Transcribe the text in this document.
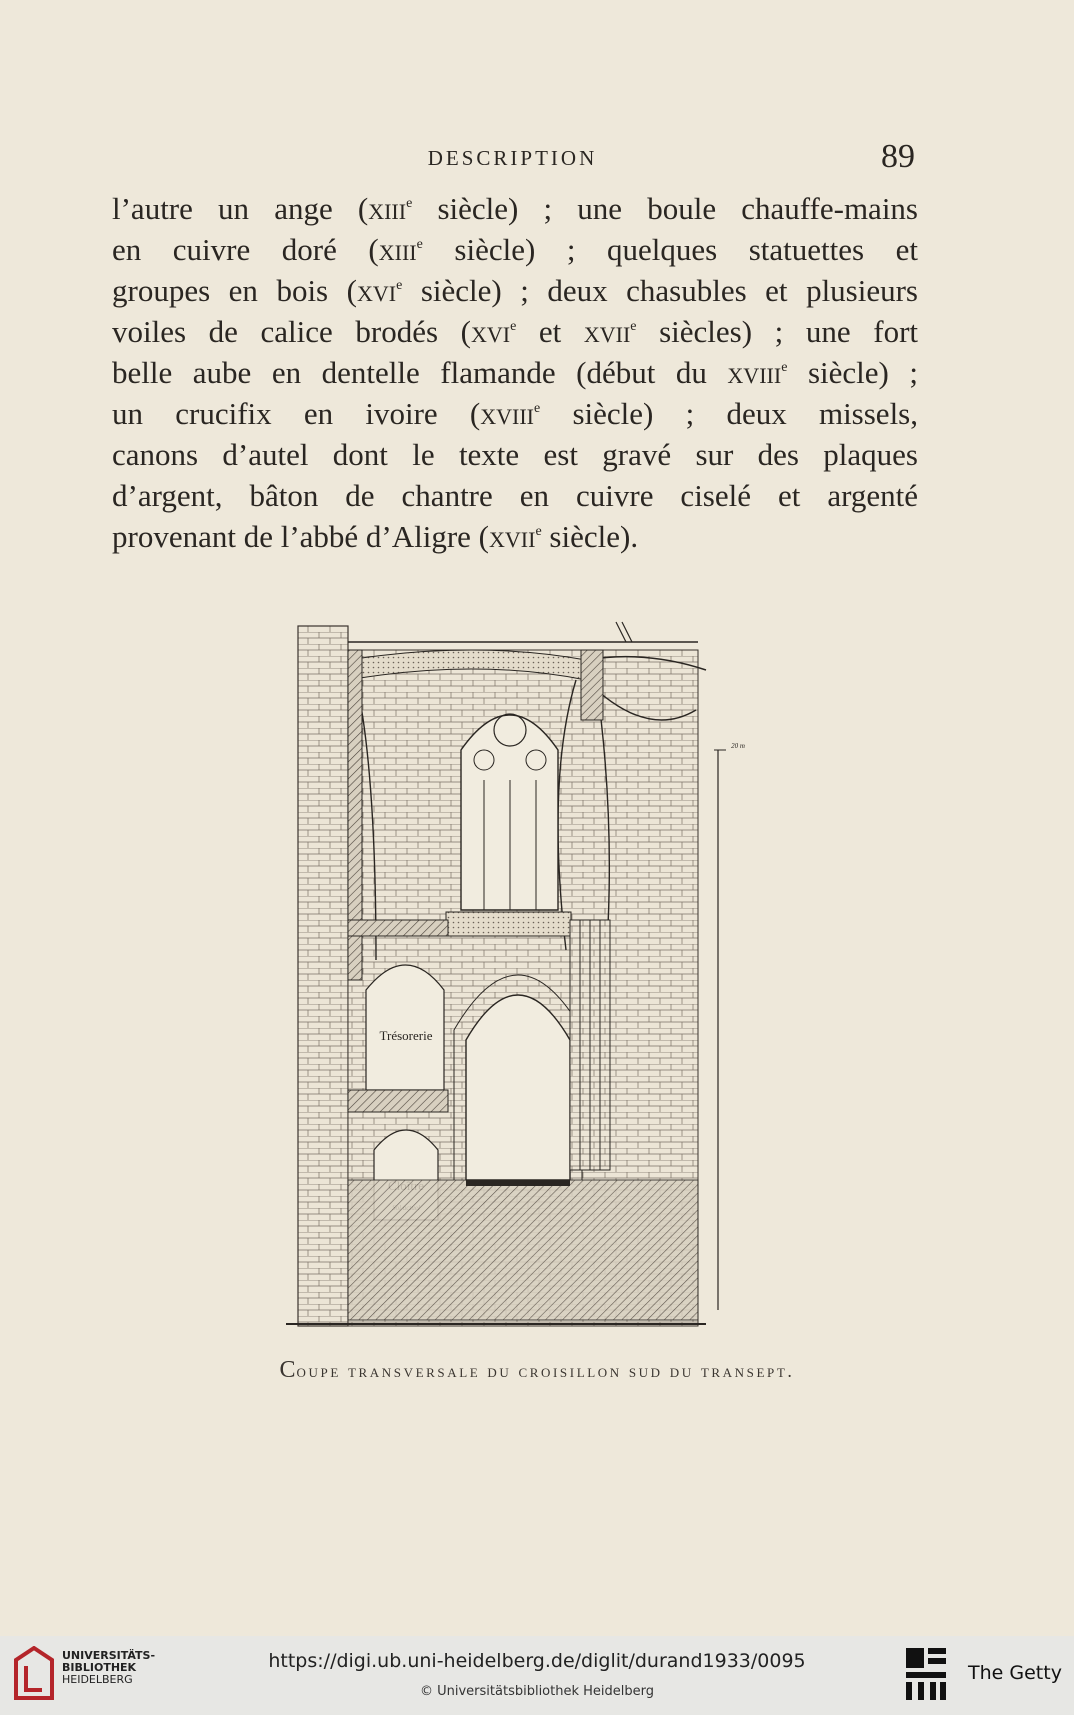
DESCRIPTION	89
l’autre un ange (xiii$^e$ siècle) ; une boule chauffe-mains
en cuivre doré (xiii$^e$ siècle) ; quelques statuettes et
groupes en bois (xvi$^e$ siècle) ; deux chasubles et plusieurs
voiles de calice brodés (xvi$^e$ et xvii$^e$ siècles) ; une fort
belle aube en dentelle flamande (début du xviii$^e$ siècle) ;
un crucifix en ivoire (xviii$^e$ siècle) ; deux missels,
canons d’autel dont le texte est gravé sur des plaques
d’argent, bâton de chantre en cuivre ciselé et argenté
provenant de l’abbé d’Aligre (xvii$^e$ siècle).
Trésorerie
20 m
Coupe transversale du croisillon sud du transept.
UNIVERSITÄTS-
BIBLIOTHEK
HEIDELBERG
https://digi.ub.uni-heidelberg.de/diglit/durand1933/0095
© Universitätsbibliothek Heidelberg
The Getty
